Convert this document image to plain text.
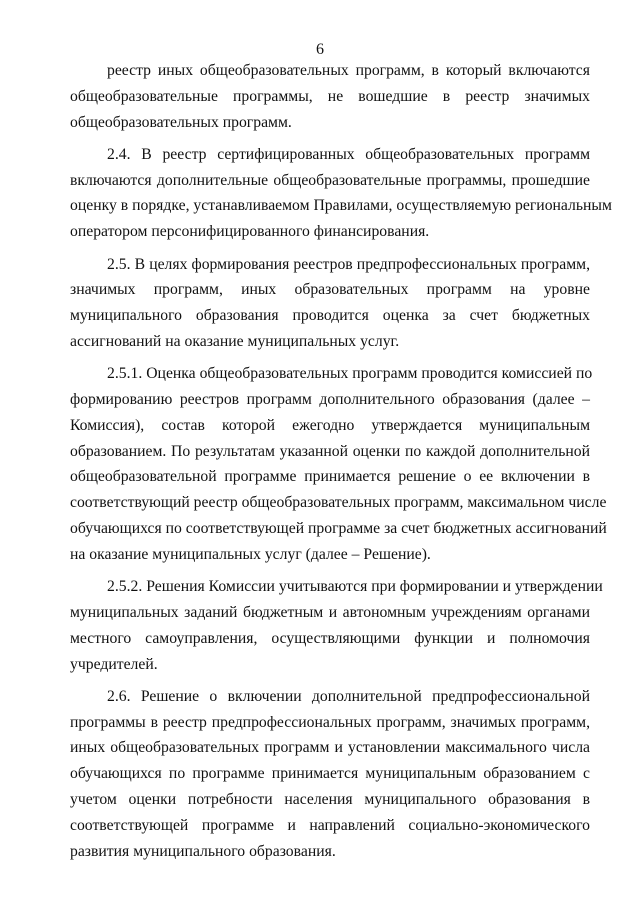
6

реестр иных общеобразовательных программ, в который включаются
общеобразовательные программы, не вошедшие в реестр значимых
общеобразовательных программ.

2.4. В реестр сертифицированных общеобразовательных программ
включаются дополнительные общеобразовательные программы, прошедшие
оценку в порядке, устанавливаемом Правилами, осуществляемую региональным
оператором персонифицированного финансирования.

2.5. В целях формирования реестров предпрофессиональных программ,
значимых программ, иных образовательных программ на уровне
муниципального образования проводится оценка за счет бюджетных
ассигнований на оказание муниципальных услуг.

2.5.1. Оценка общеобразовательных программ проводится комиссией по
формированию реестров программ дополнительного образования (далее –
Комиссия), состав которой ежегодно утверждается муниципальным
образованием. По результатам указанной оценки по каждой дополнительной
общеобразовательной программе принимается решение о ее включении в
соответствующий реестр общеобразовательных программ, максимальном числе
обучающихся по соответствующей программе за счет бюджетных ассигнований
на оказание муниципальных услуг (далее – Решение).

2.5.2. Решения Комиссии учитываются при формировании и утверждении
муниципальных заданий бюджетным и автономным учреждениям органами
местного самоуправления, осуществляющими функции и полномочия
учредителей.

2.6. Решение о включении дополнительной предпрофессиональной
программы в реестр предпрофессиональных программ, значимых программ,
иных общеобразовательных программ и установлении максимального числа
обучающихся по программе принимается муниципальным образованием с
учетом оценки потребности населения муниципального образования в
соответствующей программе и направлений социально-экономического
развития муниципального образования.
